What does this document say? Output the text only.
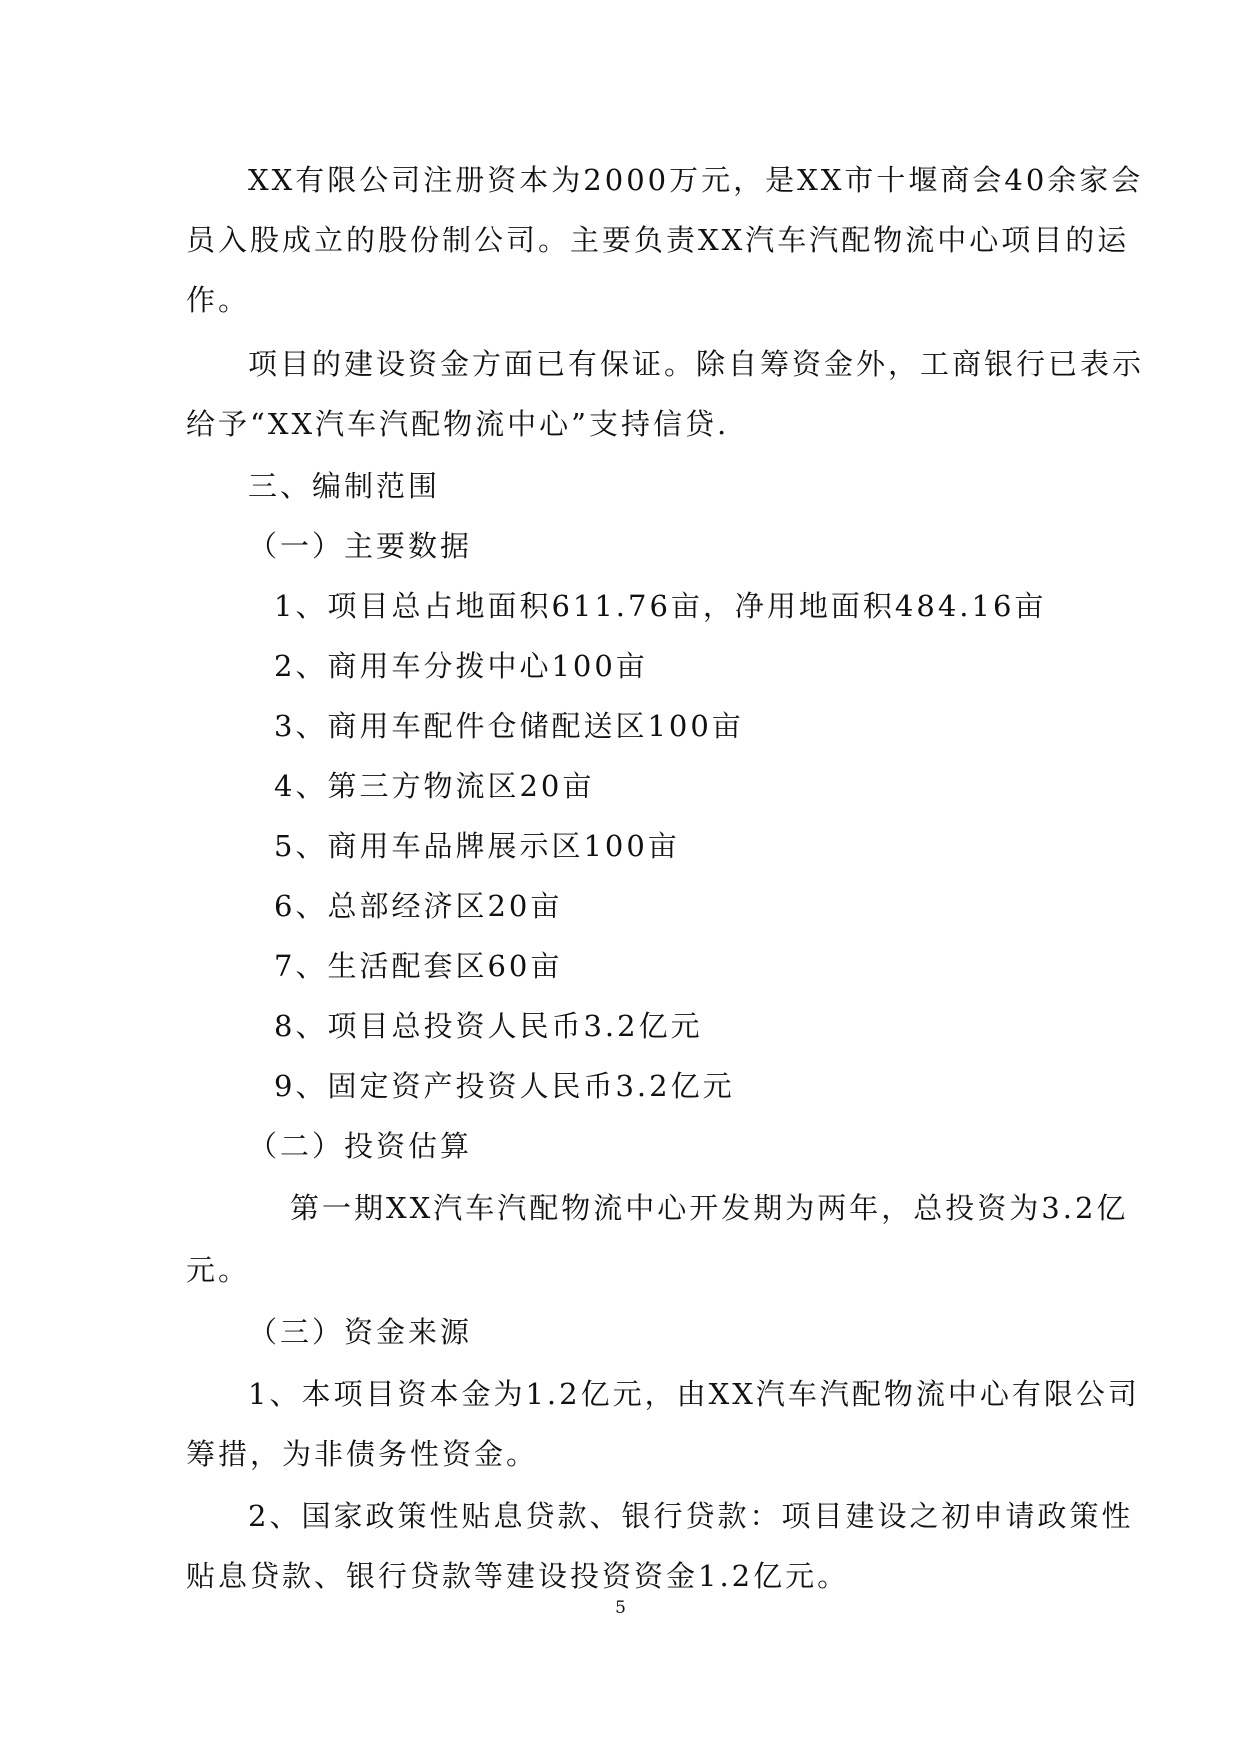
XX有限公司注册资本为2000万元，是XX市十堰商会40余家会

员入股成立的股份制公司。主要负责XX汽车汽配物流中心项目的运

作。

项目的建设资金方面已有保证。除自筹资金外，工商银行已表示

给予“XX汽车汽配物流中心”支持信贷.

三、编制范围

（一）主要数据

1、项目总占地面积611.76亩，净用地面积484.16亩

2、商用车分拨中心100亩

3、商用车配件仓储配送区100亩

4、第三方物流区20亩

5、商用车品牌展示区100亩

6、总部经济区20亩

7、生活配套区60亩

8、项目总投资人民币3.2亿元

9、固定资产投资人民币3.2亿元

（二）投资估算

第一期XX汽车汽配物流中心开发期为两年，总投资为3.2亿

元。

（三）资金来源

1、本项目资本金为1.2亿元，由XX汽车汽配物流中心有限公司

筹措，为非债务性资金。

2、国家政策性贴息贷款、银行贷款：项目建设之初申请政策性

贴息贷款、银行贷款等建设投资资金1.2亿元。

5
